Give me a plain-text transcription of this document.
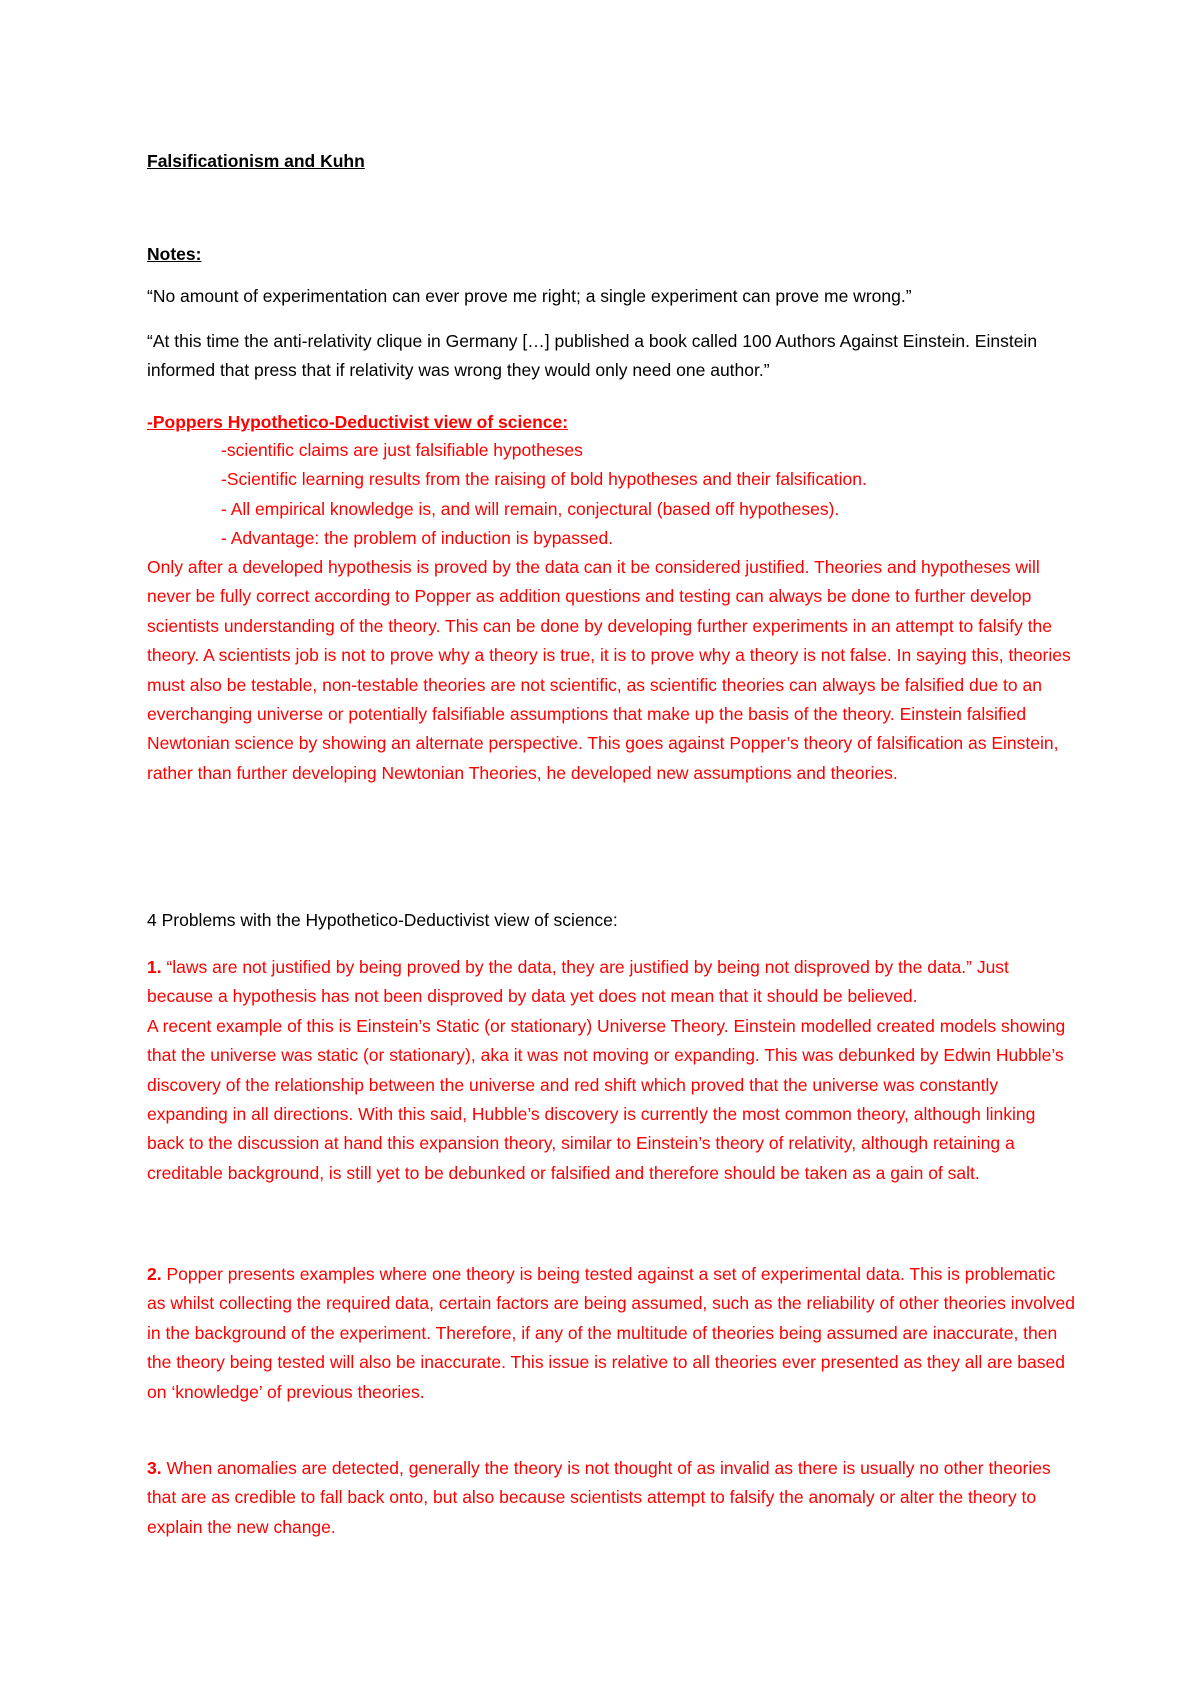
Falsificationism and Kuhn
Notes:
“No amount of experimentation can ever prove me right; a single experiment can prove me wrong.”
“At this time the anti-relativity clique in Germany […] published a book called 100 Authors Against Einstein. Einstein informed that press that if relativity was wrong they would only need one author.”
-Poppers Hypothetico-Deductivist view of science:
-scientific claims are just falsifiable hypotheses
-Scientific learning results from the raising of bold hypotheses and their falsification.
- All empirical knowledge is, and will remain, conjectural (based off hypotheses).
- Advantage: the problem of induction is bypassed.
Only after a developed hypothesis is proved by the data can it be considered justified. Theories and hypotheses will never be fully correct according to Popper as addition questions and testing can always be done to further develop scientists understanding of the theory. This can be done by developing further experiments in an attempt to falsify the theory. A scientists job is not to prove why a theory is true, it is to prove why a theory is not false. In saying this, theories must also be testable, non-testable theories are not scientific, as scientific theories can always be falsified due to an everchanging universe or potentially falsifiable assumptions that make up the basis of the theory. Einstein falsified Newtonian science by showing an alternate perspective. This goes against Popper’s theory of falsification as Einstein, rather than further developing Newtonian Theories, he developed new assumptions and theories.
4 Problems with the Hypothetico-Deductivist view of science:
1. “laws are not justified by being proved by the data, they are justified by being not disproved by the data.” Just because a hypothesis has not been disproved by data yet does not mean that it should be believed.
A recent example of this is Einstein’s Static (or stationary) Universe Theory. Einstein modelled created models showing that the universe was static (or stationary), aka it was not moving or expanding. This was debunked by Edwin Hubble’s discovery of the relationship between the universe and red shift which proved that the universe was constantly expanding in all directions. With this said, Hubble’s discovery is currently the most common theory, although linking back to the discussion at hand this expansion theory, similar to Einstein’s theory of relativity, although retaining a creditable background, is still yet to be debunked or falsified and therefore should be taken as a gain of salt.
2. Popper presents examples where one theory is being tested against a set of experimental data. This is problematic as whilst collecting the required data, certain factors are being assumed, such as the reliability of other theories involved in the background of the experiment. Therefore, if any of the multitude of theories being assumed are inaccurate, then the theory being tested will also be inaccurate. This issue is relative to all theories ever presented as they all are based on ‘knowledge’ of previous theories.
3. When anomalies are detected, generally the theory is not thought of as invalid as there is usually no other theories that are as credible to fall back onto, but also because scientists attempt to falsify the anomaly or alter the theory to explain the new change.
